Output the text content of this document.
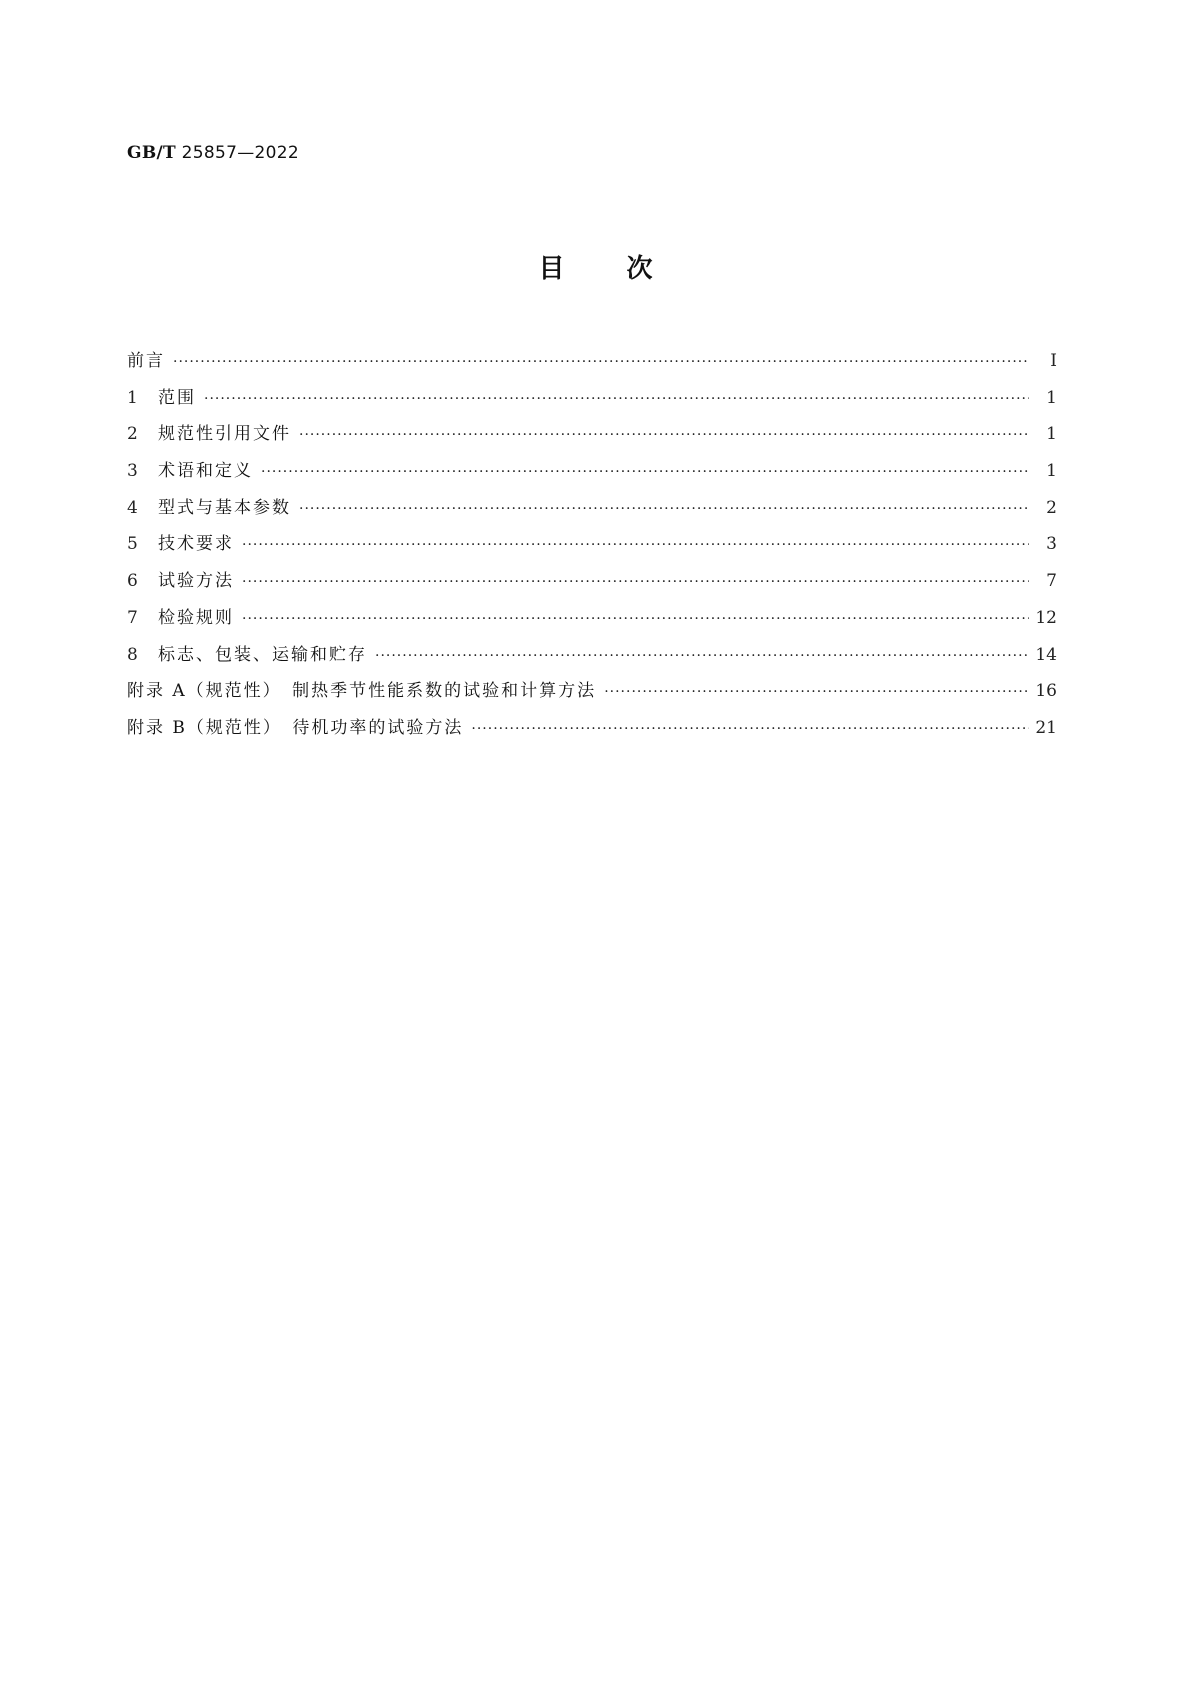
GB/T 25857—2022
目次
前言 ·····	Ⅰ
1	范围 ·····	1
2	规范性引用文件 ·····	1
3	术语和定义 ·····	1
4	型式与基本参数 ·····	2
5	技术要求 ·····	3
6	试验方法 ·····	7
7	检验规则 ·····	12
8	标志、包装、运输和贮存 ·····	14
附录 A（规范性）　制热季节性能系数的试验和计算方法 ·····	16
附录 B（规范性）　待机功率的试验方法 ·····	21
